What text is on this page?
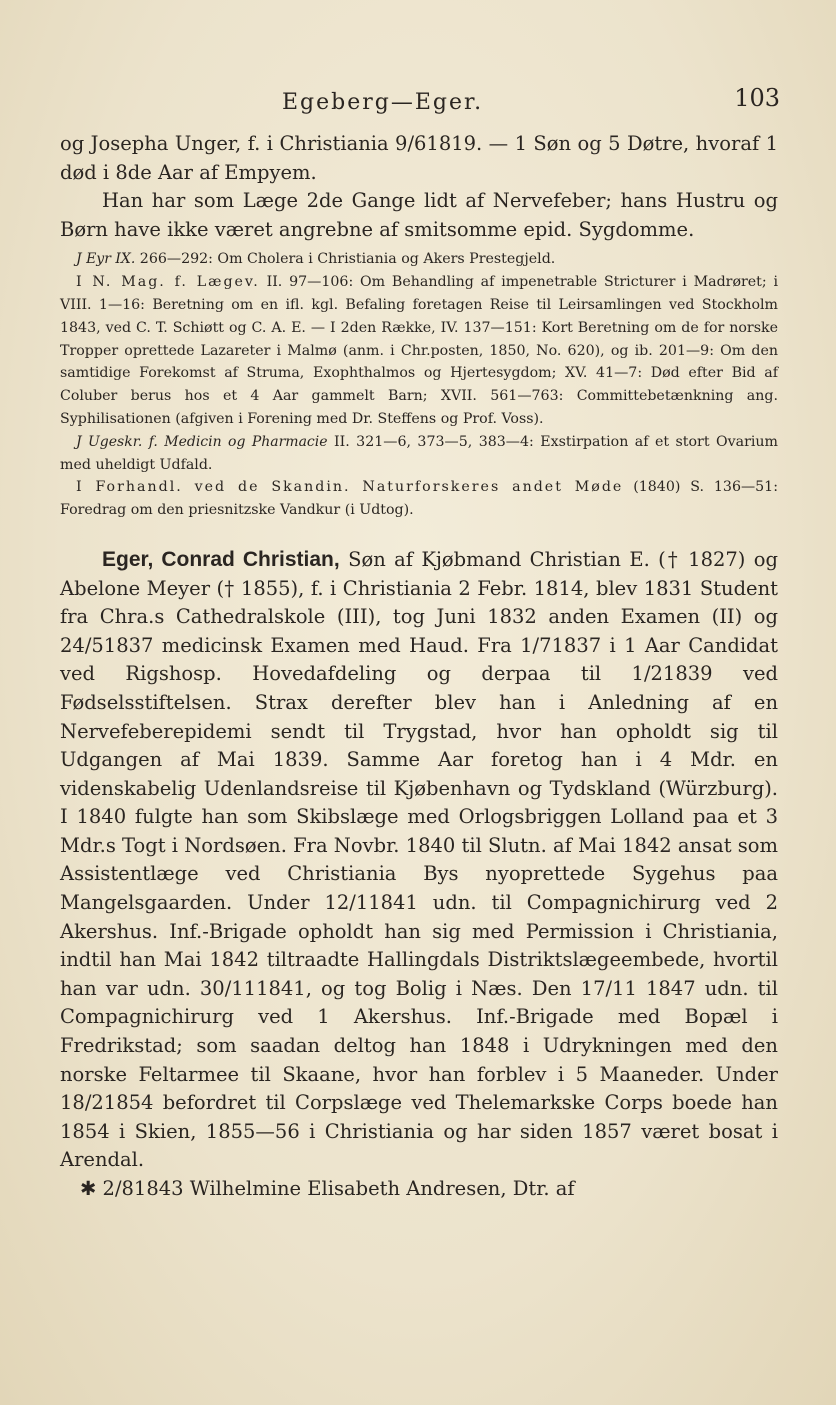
Egeberg—Eger.	103

og Josepha Unger, f. i Christiania 9/61819. — 1 Søn og 5 Døtre, hvoraf 1 død i 8de Aar af Empyem.

Han har som Læge 2de Gange lidt af Nervefeber; hans Hustru og Børn have ikke været angrebne af smitsomme epid. Sygdomme.

J Eyr IX. 266—292: Om Cholera i Christiania og Akers Prestegjeld.

I N. Mag. f. Lægev. II. 97—106: Om Behandling af impenetrable Stricturer i Madrøret; i VIII. 1—16: Beretning om en ifl. kgl. Befaling foretagen Reise til Leirsamlingen ved Stockholm 1843, ved C. T. Schiøtt og C. A. E. — I 2den Række, IV. 137—151: Kort Beretning om de for norske Tropper oprettede Lazareter i Malmø (anm. i Chr.posten, 1850, No. 620), og ib. 201—9: Om den samtidige Forekomst af Struma, Exophthalmos og Hjertesygdom; XV. 41—7: Død efter Bid af Coluber berus hos et 4 Aar gammelt Barn; XVII. 561—763: Committebetænkning ang. Syphilisationen (afgiven i Forening med Dr. Steffens og Prof. Voss).

J Ugeskr. f. Medicin og Pharmacie II. 321—6, 373—5, 383—4: Exstirpation af et stort Ovarium med uheldigt Udfald.

I Forhandl. ved de Skandin. Naturforskeres andet Møde (1840) S. 136—51: Foredrag om den priesnitzske Vandkur (i Udtog).

Eger, Conrad Christian, Søn af Kjøbmand Christian E. († 1827) og Abelone Meyer († 1855), f. i Christiania 2 Febr. 1814, blev 1831 Student fra Chra.s Cathedralskole (III), tog Juni 1832 anden Examen (II) og 24/51837 medicinsk Examen med Haud. Fra 1/71837 i 1 Aar Candidat ved Rigshosp. Hovedafdeling og derpaa til 1/21839 ved Fødselsstiftelsen. Strax derefter blev han i Anledning af en Nervefeberepidemi sendt til Trygstad, hvor han opholdt sig til Udgangen af Mai 1839. Samme Aar foretog han i 4 Mdr. en videnskabelig Udenlandsreise til Kjøbenhavn og Tydskland (Würzburg). I 1840 fulgte han som Skibslæge med Orlogsbriggen Lolland paa et 3 Mdr.s Togt i Nordsøen. Fra Novbr. 1840 til Slutn. af Mai 1842 ansat som Assistentlæge ved Christiania Bys nyoprettede Sygehus paa Mangelsgaarden. Under 12/11841 udn. til Compagnichirurg ved 2 Akershus. Inf.-Brigade opholdt han sig med Permission i Christiania, indtil han Mai 1842 tiltraadte Hallingdals Distriktslægeembede, hvortil han var udn. 30/111841, og tog Bolig i Næs. Den 17/11 1847 udn. til Compagnichirurg ved 1 Akershus. Inf.-Brigade med Bopæl i Fredrikstad; som saadan deltog han 1848 i Udrykningen med den norske Feltarmee til Skaane, hvor han forblev i 5 Maaneder. Under 18/21854 befordret til Corpslæge ved Thelemarkske Corps boede han 1854 i Skien, 1855—56 i Christiania og har siden 1857 været bosat i Arendal.

✱ 2/81843 Wilhelmine Elisabeth Andresen, Dtr. af
